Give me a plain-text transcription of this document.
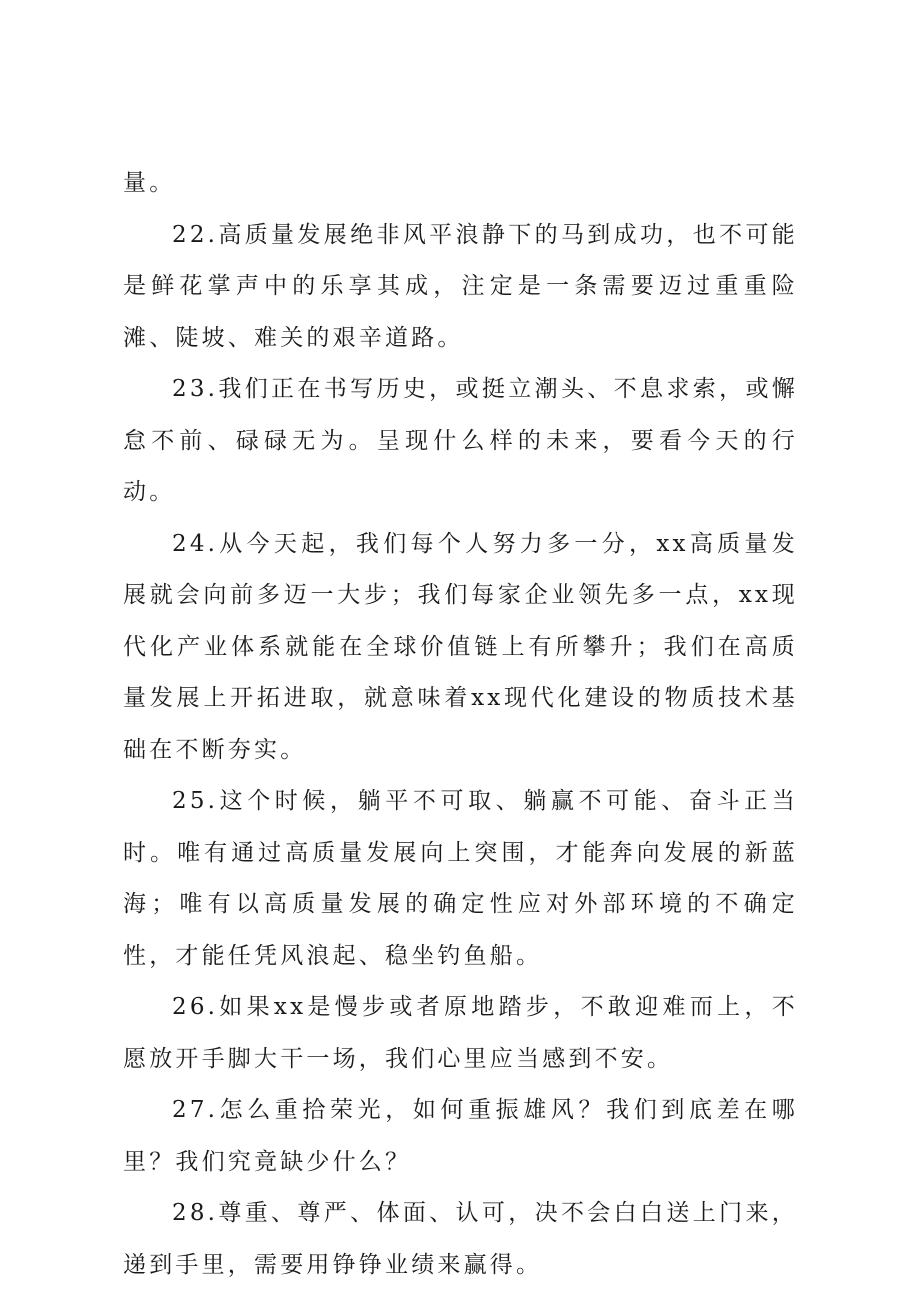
量。

22.高质量发展绝非风平浪静下的马到成功，也不可能是鲜花掌声中的乐享其成，注定是一条需要迈过重重险滩、陡坡、难关的艰辛道路。

23.我们正在书写历史，或挺立潮头、不息求索，或懈怠不前、碌碌无为。呈现什么样的未来，要看今天的行动。

24.从今天起，我们每个人努力多一分，xx高质量发展就会向前多迈一大步；我们每家企业领先多一点，xx现代化产业体系就能在全球价值链上有所攀升；我们在高质量发展上开拓进取，就意味着xx现代化建设的物质技术基础在不断夯实。

25.这个时候，躺平不可取、躺赢不可能、奋斗正当时。唯有通过高质量发展向上突围，才能奔向发展的新蓝海；唯有以高质量发展的确定性应对外部环境的不确定性，才能任凭风浪起、稳坐钓鱼船。

26.如果xx是慢步或者原地踏步，不敢迎难而上，不愿放开手脚大干一场，我们心里应当感到不安。

27.怎么重拾荣光，如何重振雄风？我们到底差在哪里？我们究竟缺少什么？

28.尊重、尊严、体面、认可，决不会白白送上门来，递到手里，需要用铮铮业绩来赢得。
